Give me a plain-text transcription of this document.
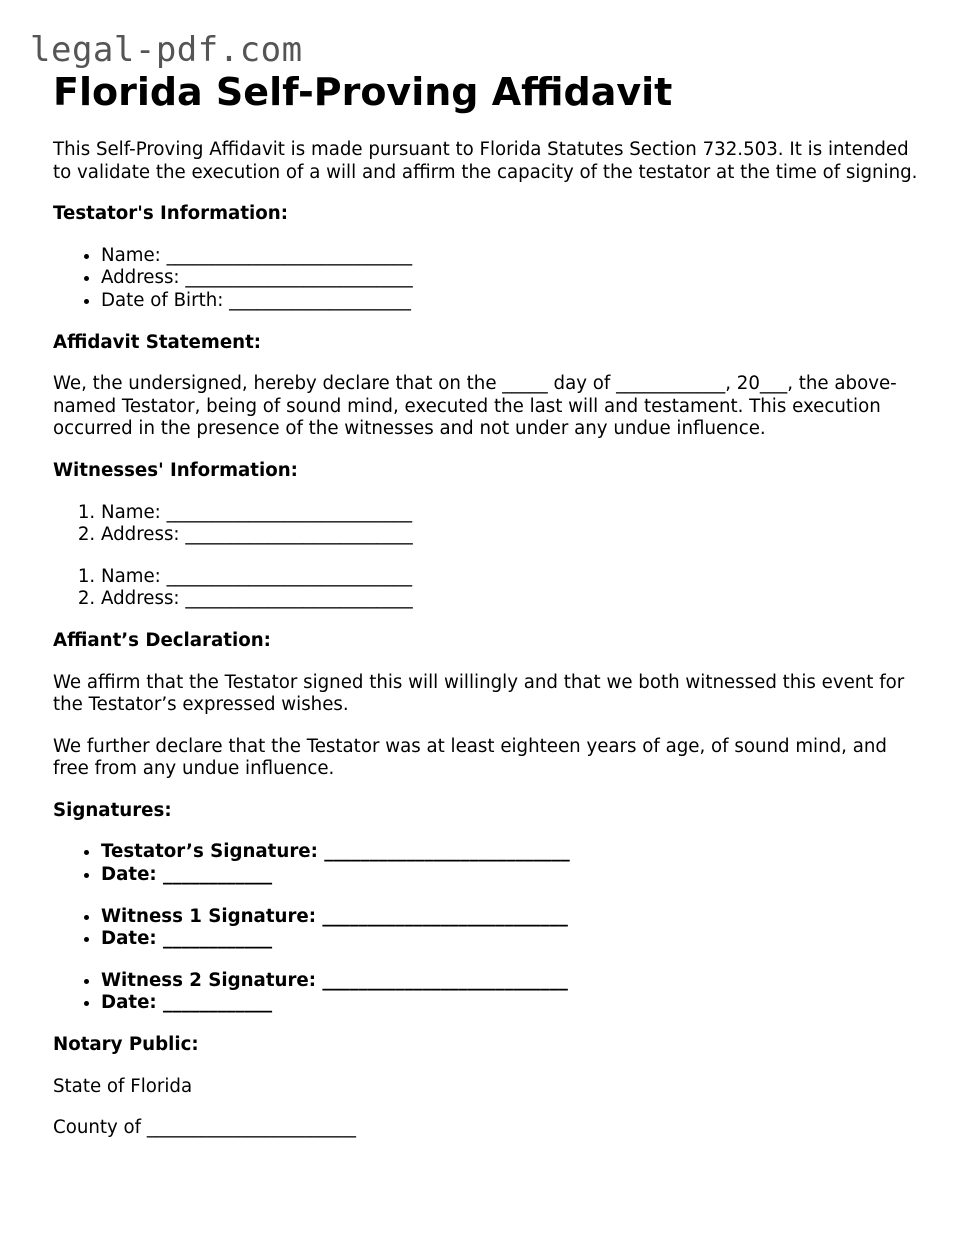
legal-pdf.com
Florida Self-Proving Affidavit

This Self-Proving Affidavit is made pursuant to Florida Statutes Section 732.503. It is intended to validate the execution of a will and affirm the capacity of the testator at the time of signing.

Testator's Information:

• Name: ___________________________
• Address: _________________________
• Date of Birth: ____________________

Affidavit Statement:

We, the undersigned, hereby declare that on the _____ day of ____________, 20___, the above-named Testator, being of sound mind, executed the last will and testament. This execution occurred in the presence of the witnesses and not under any undue influence.

Witnesses' Information:

1. Name: ___________________________
2. Address: _________________________
1. Name: ___________________________
2. Address: _________________________

Affiant’s Declaration:

We affirm that the Testator signed this will willingly and that we both witnessed this event for the Testator’s expressed wishes.

We further declare that the Testator was at least eighteen years of age, of sound mind, and free from any undue influence.

Signatures:

• Testator’s Signature: ___________________________
• Date: ____________
• Witness 1 Signature: ___________________________
• Date: ____________
• Witness 2 Signature: ___________________________
• Date: ____________

Notary Public:

State of Florida

County of _______________________
